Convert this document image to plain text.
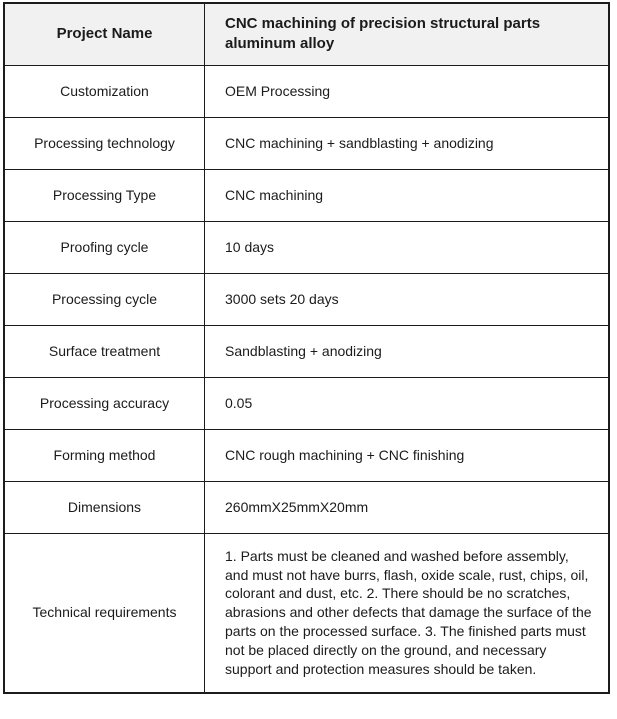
Project Name	CNC machining of precision structural parts aluminum alloy
Customization	OEM Processing
Processing technology	CNC machining + sandblasting + anodizing
Processing Type	CNC machining
Proofing cycle	10 days
Processing cycle	3000 sets 20 days
Surface treatment	Sandblasting + anodizing
Processing accuracy	0.05
Forming method	CNC rough machining + CNC finishing
Dimensions	260mmX25mmX20mm
Technical requirements	1. Parts must be cleaned and washed before assembly, and must not have burrs, flash, oxide scale, rust, chips, oil, colorant and dust, etc. 2. There should be no scratches, abrasions and other defects that damage the surface of the parts on the processed surface. 3. The finished parts must not be placed directly on the ground, and necessary support and protection measures should be taken.
